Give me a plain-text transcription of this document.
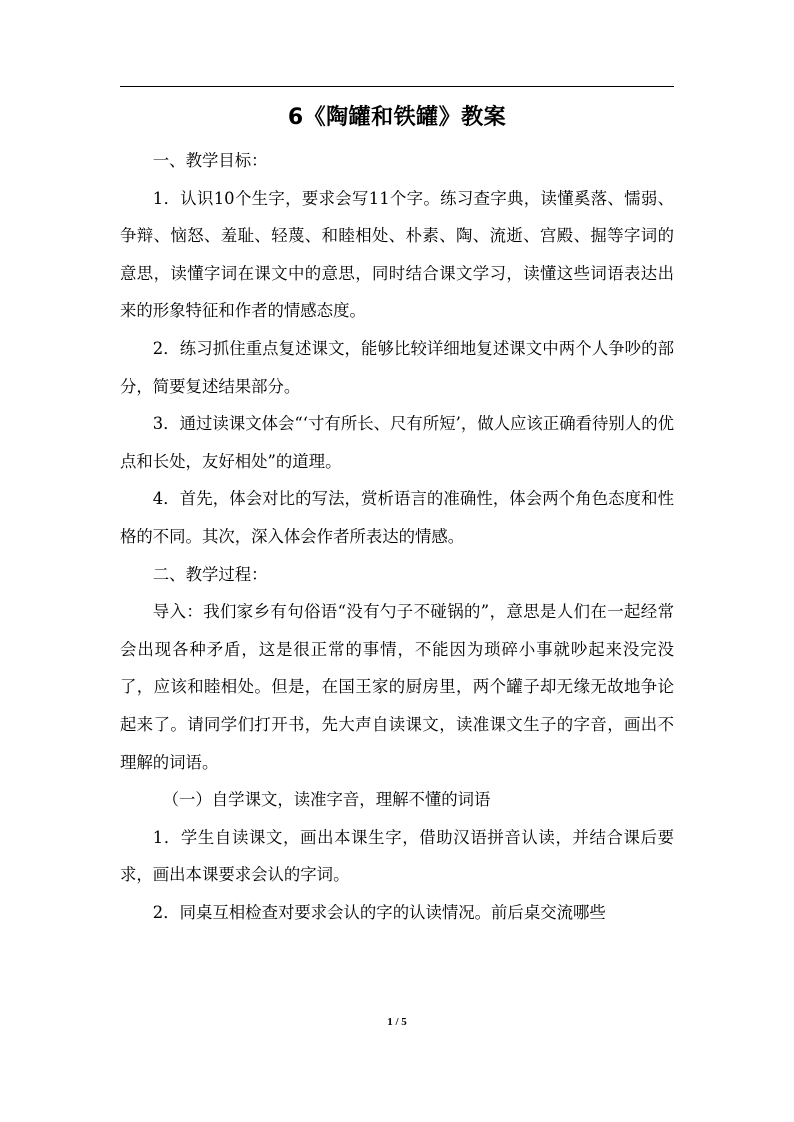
6《陶罐和铁罐》教案

一、教学目标：

1．认识10个生字，要求会写11个字。练习查字典，读懂奚落、懦弱、争辩、恼怒、羞耻、轻蔑、和睦相处、朴素、陶、流逝、宫殿、掘等字词的意思，读懂字词在课文中的意思，同时结合课文学习，读懂这些词语表达出来的形象特征和作者的情感态度。

2．练习抓住重点复述课文，能够比较详细地复述课文中两个人争吵的部分，简要复述结果部分。

3．通过读课文体会“‘寸有所长、尺有所短’，做人应该正确看待别人的优点和长处，友好相处”的道理。

4．首先，体会对比的写法，赏析语言的准确性，体会两个角色态度和性格的不同。其次，深入体会作者所表达的情感。

二、教学过程：

导入：我们家乡有句俗语“没有勺子不碰锅的”，意思是人们在一起经常会出现各种矛盾，这是很正常的事情，不能因为琐碎小事就吵起来没完没了，应该和睦相处。但是，在国王家的厨房里，两个罐子却无缘无故地争论起来了。请同学们打开书，先大声自读课文，读准课文生子的字音，画出不理解的词语。

（一）自学课文，读准字音，理解不懂的词语

1．学生自读课文，画出本课生字，借助汉语拼音认读，并结合课后要求，画出本课要求会认的字词。

2．同桌互相检查对要求会认的字的认读情况。前后桌交流哪些

1 / 5
